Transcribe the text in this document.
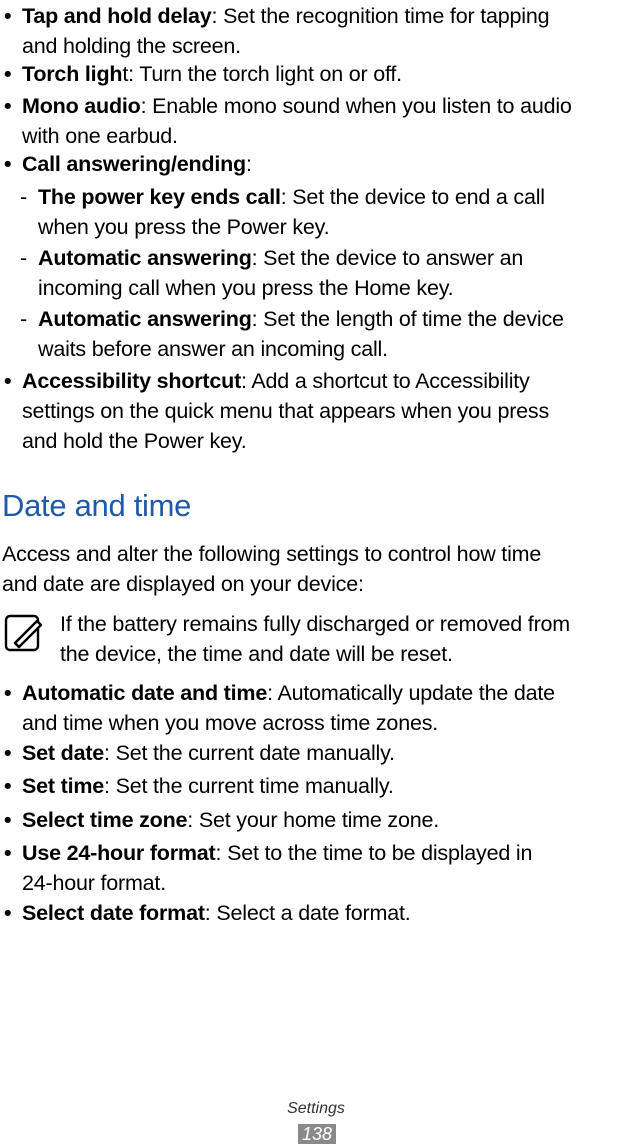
• Tap and hold delay: Set the recognition time for tapping
and holding the screen.
• Torch light: Turn the torch light on or off.
• Mono audio: Enable mono sound when you listen to audio
with one earbud.
• Call answering/ending:
- The power key ends call: Set the device to end a call
when you press the Power key.
- Automatic answering: Set the device to answer an
incoming call when you press the Home key.
- Automatic answering: Set the length of time the device
waits before answer an incoming call.
• Accessibility shortcut: Add a shortcut to Accessibility
settings on the quick menu that appears when you press
and hold the Power key.
Date and time
Access and alter the following settings to control how time
and date are displayed on your device:
If the battery remains fully discharged or removed from
the device, the time and date will be reset.
• Automatic date and time: Automatically update the date
and time when you move across time zones.
• Set date: Set the current date manually.
• Set time: Set the current time manually.
• Select time zone: Set your home time zone.
• Use 24-hour format: Set to the time to be displayed in
24-hour format.
• Select date format: Select a date format.
Settings
138
